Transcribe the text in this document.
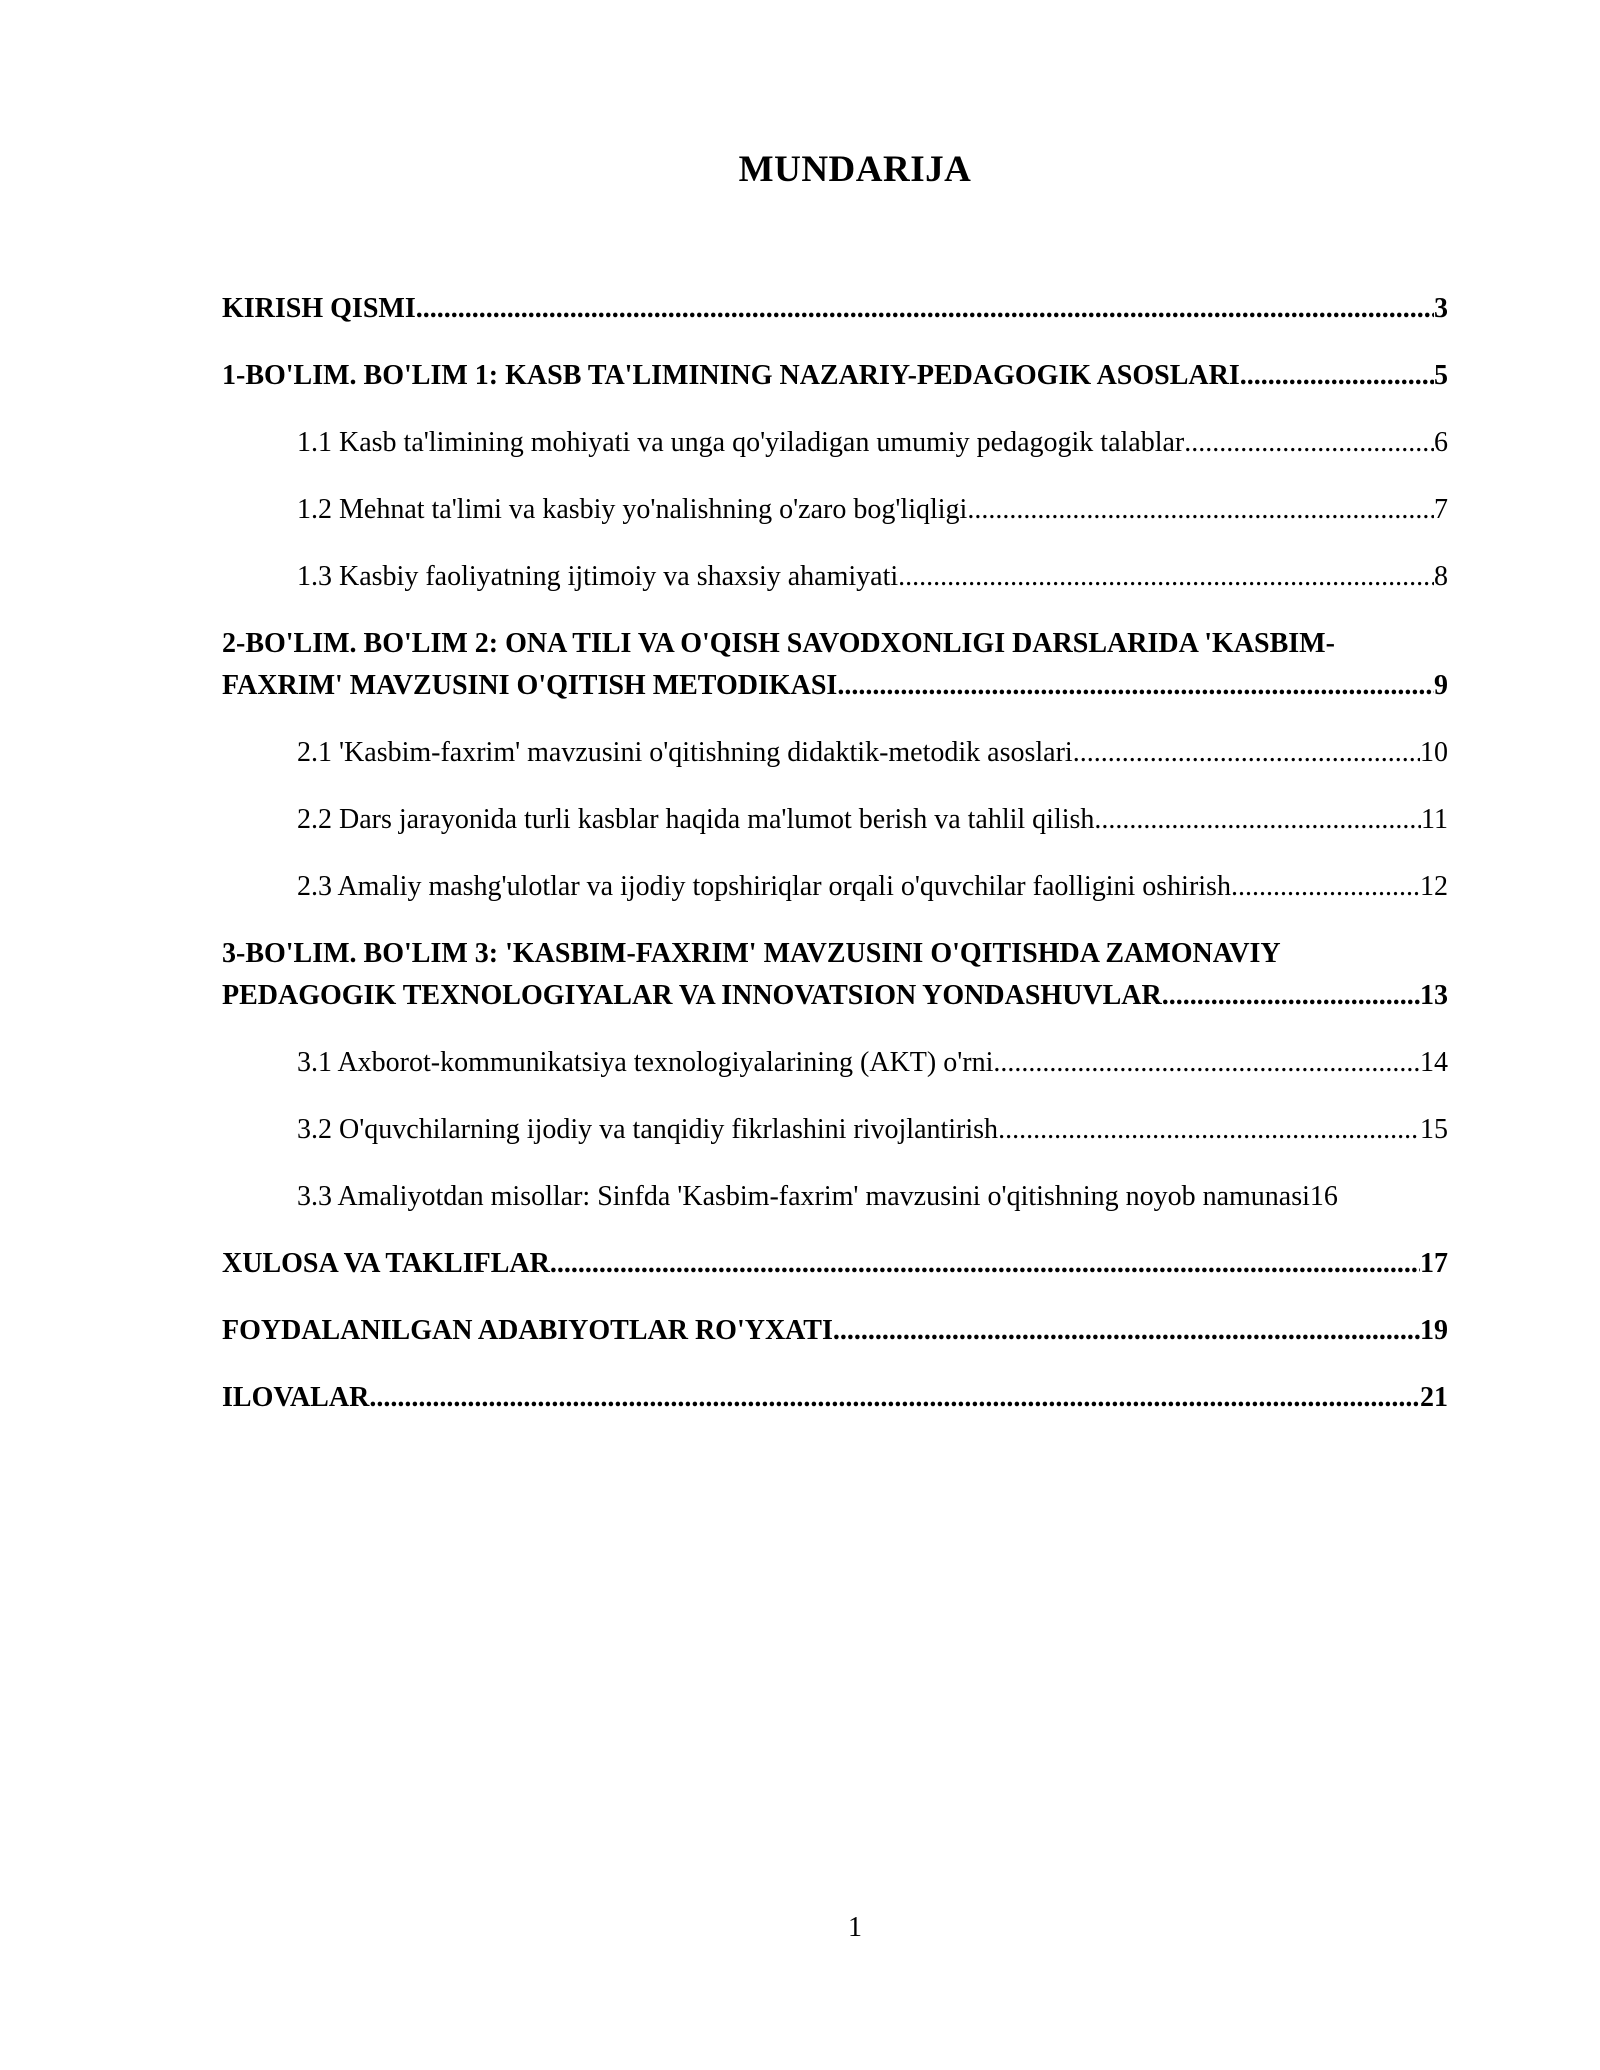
MUNDARIJA
KIRISH QISMI .....	3
1-BO'LIM. BO'LIM 1: KASB TA'LIMINING NAZARIY-PEDAGOGIK ASOSLARI .....	5
1.1 Kasb ta'limining mohiyati va unga qo'yiladigan umumiy pedagogik talablar .....	6
1.2 Mehnat ta'limi va kasbiy yo'nalishning o'zaro bog'liqligi .....	7
1.3 Kasbiy faoliyatning ijtimoiy va shaxsiy ahamiyati .....	8
2-BO'LIM. BO'LIM 2: ONA TILI VA O'QISH SAVODXONLIGI DARSLARIDA 'KASBIM-
FAXRIM' MAVZUSINI O'QITISH METODIKASI .....	9
2.1 'Kasbim-faxrim' mavzusini o'qitishning didaktik-metodik asoslari .....	10
2.2 Dars jarayonida turli kasblar haqida ma'lumot berish va tahlil qilish .....	11
2.3 Amaliy mashg'ulotlar va ijodiy topshiriqlar orqali o'quvchilar faolligini oshirish .....	12
3-BO'LIM. BO'LIM 3: 'KASBIM-FAXRIM' MAVZUSINI O'QITISHDA ZAMONAVIY
PEDAGOGIK TEXNOLOGIYALAR VA INNOVATSION YONDASHUVLAR .....	13
3.1 Axborot-kommunikatsiya texnologiyalarining (AKT) o'rni .....	14
3.2 O'quvchilarning ijodiy va tanqidiy fikrlashini rivojlantirish .....	15
3.3 Amaliyotdan misollar: Sinfda 'Kasbim-faxrim' mavzusini o'qitishning noyob namunasi 16
XULOSA VA TAKLIFLAR .....	17
FOYDALANILGAN ADABIYOTLAR RO'YXATI .....	19
ILOVALAR .....	21
1
